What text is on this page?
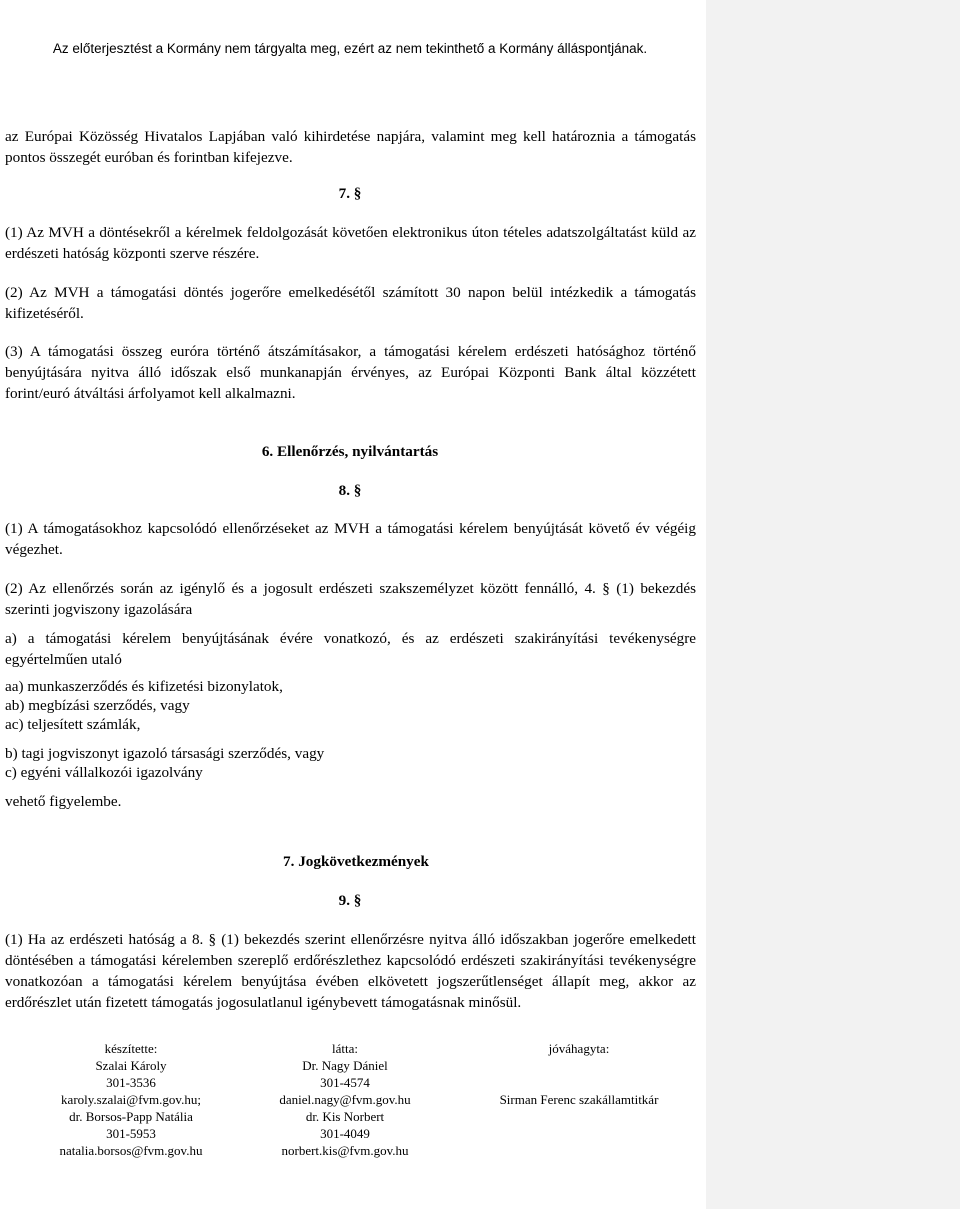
Az előterjesztést a Kormány nem tárgyalta meg, ezért az nem tekinthető a Kormány álláspontjának.

az Európai Közösség Hivatalos Lapjában való kihirdetése napjára, valamint meg kell határoznia a támogatás pontos összegét euróban és forintban kifejezve.

7. §

(1) Az MVH a döntésekről a kérelmek feldolgozását követően elektronikus úton tételes adatszolgáltatást küld az erdészeti hatóság központi szerve részére.

(2) Az MVH a támogatási döntés jogerőre emelkedésétől számított 30 napon belül intézkedik a támogatás kifizetéséről.

(3) A támogatási összeg euróra történő átszámításakor, a támogatási kérelem erdészeti hatósághoz történő benyújtására nyitva álló időszak első munkanapján érvényes, az Európai Központi Bank által közzétett forint/euró átváltási árfolyamot kell alkalmazni.

6. Ellenőrzés, nyilvántartás
8. §

(1) A támogatásokhoz kapcsolódó ellenőrzéseket az MVH a támogatási kérelem benyújtását követő év végéig végezhet.

(2) Az ellenőrzés során az igénylő és a jogosult erdészeti szakszemélyzet között fennálló, 4. § (1) bekezdés szerinti jogviszony igazolására

a) a támogatási kérelem benyújtásának évére vonatkozó, és az erdészeti szakirányítási tevékenységre egyértelműen utaló

aa) munkaszerződés és kifizetési bizonylatok,
ab) megbízási szerződés, vagy
ac) teljesített számlák,
b) tagi jogviszonyt igazoló társasági szerződés, vagy
c) egyéni vállalkozói igazolvány
vehető figyelembe.
7. Jogkövetkezmények
9. §

(1) Ha az erdészeti hatóság a 8. § (1) bekezdés szerint ellenőrzésre nyitva álló időszakban jogerőre emelkedett döntésében a támogatási kérelemben szereplő erdőrészlethez kapcsolódó erdészeti szakirányítási tevékenységre vonatkozóan a támogatási kérelem benyújtása évében elkövetett jogszerűtlenséget állapít meg, akkor az erdőrészlet után fizetett támogatás jogosulatlanul igénybevett támogatásnak minősül.

készítette:
Szalai Károly
301-3536
karoly.szalai@fvm.gov.hu;
dr. Borsos-Papp Natália
301-5953
natalia.borsos@fvm.gov.hu
látta:
Dr. Nagy Dániel
301-4574
daniel.nagy@fvm.gov.hu
dr. Kis Norbert
301-4049
norbert.kis@fvm.gov.hu
jóváhagyta:
Sirman Ferenc szakállamtitkár
